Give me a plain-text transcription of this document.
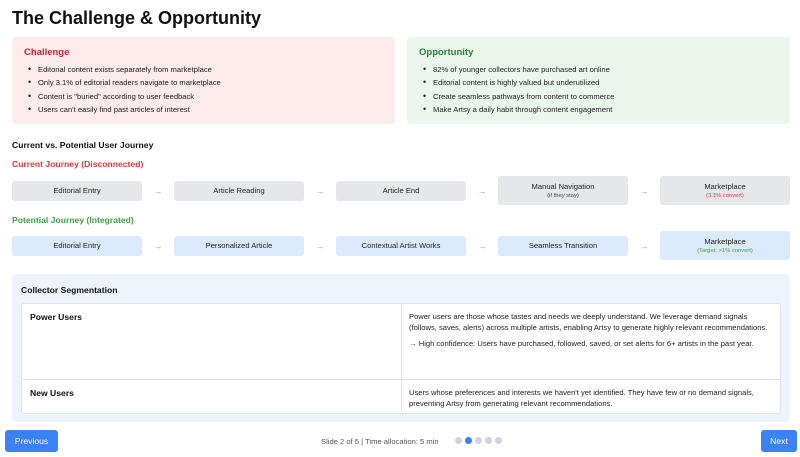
The Challenge & Opportunity
Challenge
• Editorial content exists separately from marketplace
• Only 3.1% of editorial readers navigate to marketplace
• Content is "buried" according to user feedback
• Users can't easily find past articles of interest
Opportunity
• 82% of younger collectors have purchased art online
• Editorial content is highly valued but underutilized
• Create seamless pathways from content to commerce
• Make Artsy a daily habit through content engagement
Current vs. Potential User Journey
Current Journey (Disconnected)
Editorial Entry	→	Article Reading	→	Article End	→	Manual Navigation
(if they stay)
→	Marketplace
(3.1% convert)
Potential Journey (Integrated)
Editorial Entry	→	Personalized Article	→	Contextual Artist Works	→	Seamless Transition	→	Marketplace
(Target: >1% convert)
Collector Segmentation
Power Users	Power users are those whose tastes and needs we deeply understand. We leverage demand signals (follows, saves, alerts) across multiple artists, enabling Artsy to generate highly relevant recommendations.

→ High confidence: Users have purchased, followed, saved, or set alerts for 6+ artists in the past year.

New Users	Users whose preferences and interests we haven't yet identified. They have few or no demand signals, preventing Artsy from generating relevant recommendations.

Previous	Slide 2 of 5 | Time allocation: 5 min	Next
